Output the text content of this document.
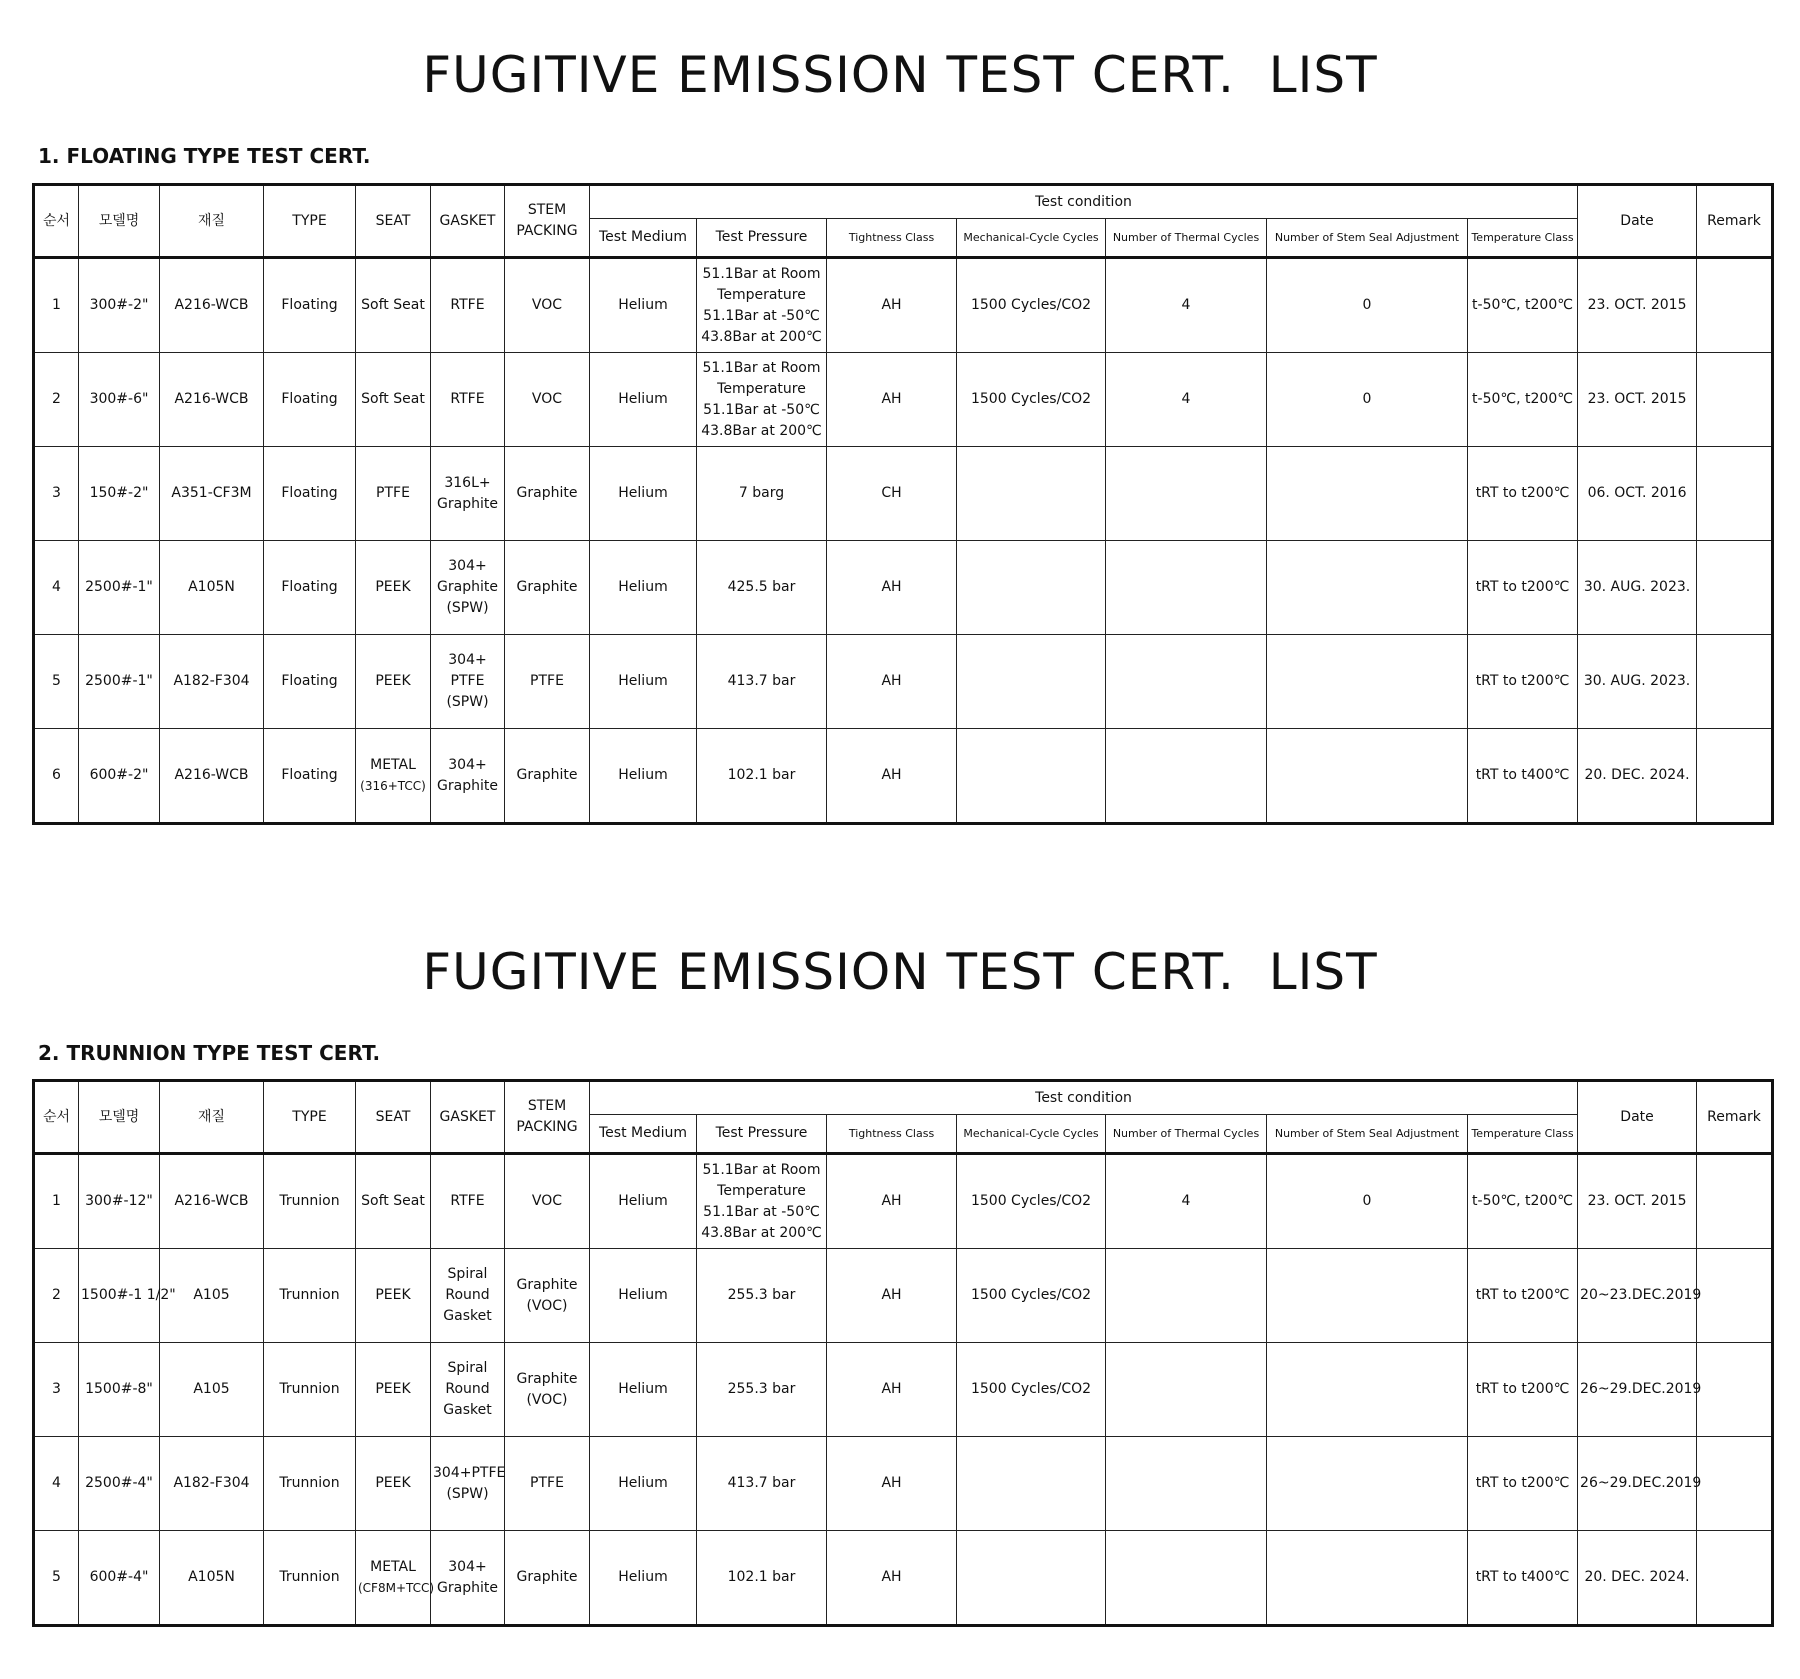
FUGITIVE EMISSION TEST CERT.  LIST
1. FLOATING TYPE TEST CERT.
순서	모델명	재질	TYPE	SEAT	GASKET	STEM
PACKING	Test condition							Date	Remark
							Test Medium	Test Pressure	Tightness Class	Mechanical-Cycle Cycles	Number of Thermal Cycles	Number of Stem Seal Adjustment	Temperature Class		
1	300#-2"	A216-WCB	Floating	Soft Seat	RTFE	VOC	Helium	51.1Bar at Room
Temperature
51.1Bar at -50℃
43.8Bar at 200℃	AH	1500 Cycles/CO2	4	0	t-50℃, t200℃	23. OCT. 2015	
2	300#-6"	A216-WCB	Floating	Soft Seat	RTFE	VOC	Helium	51.1Bar at Room
Temperature
51.1Bar at -50℃
43.8Bar at 200℃	AH	1500 Cycles/CO2	4	0	t-50℃, t200℃	23. OCT. 2015	
3	150#-2"	A351-CF3M	Floating	PTFE	316L+
Graphite	Graphite	Helium	7 barg	CH				tRT to t200℃	06. OCT. 2016	
4	2500#-1"	A105N	Floating	PEEK	304+
Graphite
(SPW)	Graphite	Helium	425.5 bar	AH				tRT to t200℃	30. AUG. 2023.	
5	2500#-1"	A182-F304	Floating	PEEK	304+
PTFE
(SPW)	PTFE	Helium	413.7 bar	AH				tRT to t200℃	30. AUG. 2023.	
6	600#-2"	A216-WCB	Floating	METAL
(316+TCC)	304+
Graphite	Graphite	Helium	102.1 bar	AH				tRT to t400℃	20. DEC. 2024.	
FUGITIVE EMISSION TEST CERT.  LIST
2. TRUNNION TYPE TEST CERT.
순서	모델명	재질	TYPE	SEAT	GASKET	STEM
PACKING	Test condition							Date	Remark
							Test Medium	Test Pressure	Tightness Class	Mechanical-Cycle Cycles	Number of Thermal Cycles	Number of Stem Seal Adjustment	Temperature Class		
1	300#-12"	A216-WCB	Trunnion	Soft Seat	RTFE	VOC	Helium	51.1Bar at Room
Temperature
51.1Bar at -50℃
43.8Bar at 200℃	AH	1500 Cycles/CO2	4	0	t-50℃, t200℃	23. OCT. 2015	
2	1500#-1 1/2"	A105	Trunnion	PEEK	Spiral
Round
Gasket	Graphite
(VOC)	Helium	255.3 bar	AH	1500 Cycles/CO2			tRT to t200℃	20~23.DEC.2019	
3	1500#-8"	A105	Trunnion	PEEK	Spiral
Round
Gasket	Graphite
(VOC)	Helium	255.3 bar	AH	1500 Cycles/CO2			tRT to t200℃	26~29.DEC.2019	
4	2500#-4"	A182-F304	Trunnion	PEEK	304+PTFE
(SPW)	PTFE	Helium	413.7 bar	AH				tRT to t200℃	26~29.DEC.2019	
5	600#-4"	A105N	Trunnion	METAL
(CF8M+TCC)	304+
Graphite	Graphite	Helium	102.1 bar	AH				tRT to t400℃	20. DEC. 2024.	
